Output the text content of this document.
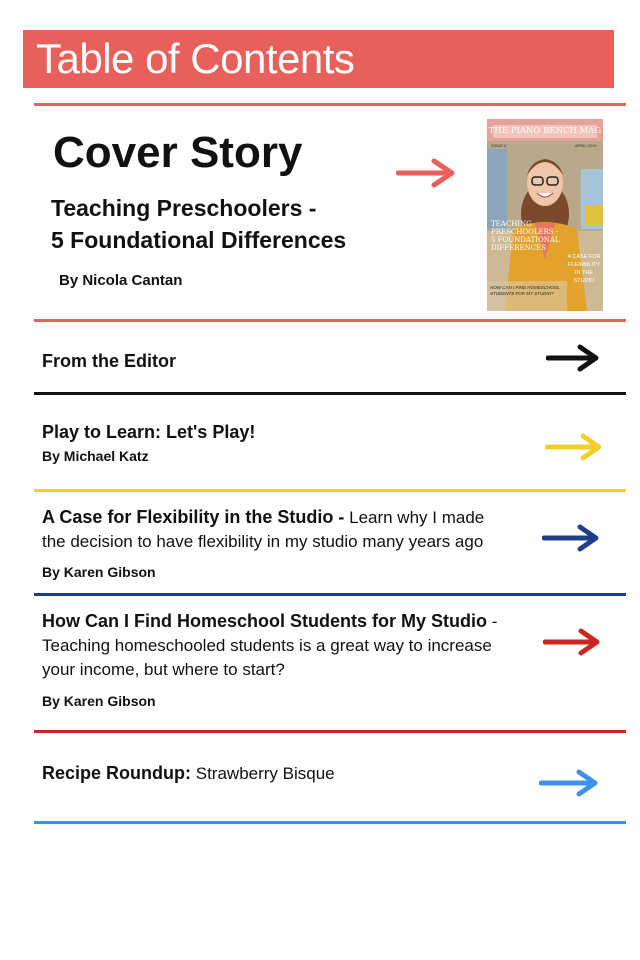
Table of Contents
Cover Story
Teaching Preschoolers -
5 Foundational Differences
By Nicola Cantan
THE PIANO BENCH MAG
ISSUE 6	APRIL 2019
TEACHING
PRESCHOOLERS -
5 FOUNDATIONAL
DIFFERENCES
A CASE FOR
FLEXIBILITY
IN THE STUDIO
HOW CAN I FIND HOMESCHOOL
STUDENTS FOR MY STUDIO?
From the Editor
Play to Learn: Let's Play!
By Michael Katz
A Case for Flexibility in the Studio - Learn why I made the decision to have flexibility in my studio many years ago
By Karen Gibson
How Can I Find Homeschool Students for My Studio - Teaching homeschooled students is a great way to increase your income, but where to start?
By Karen Gibson
Recipe Roundup: Strawberry Bisque
